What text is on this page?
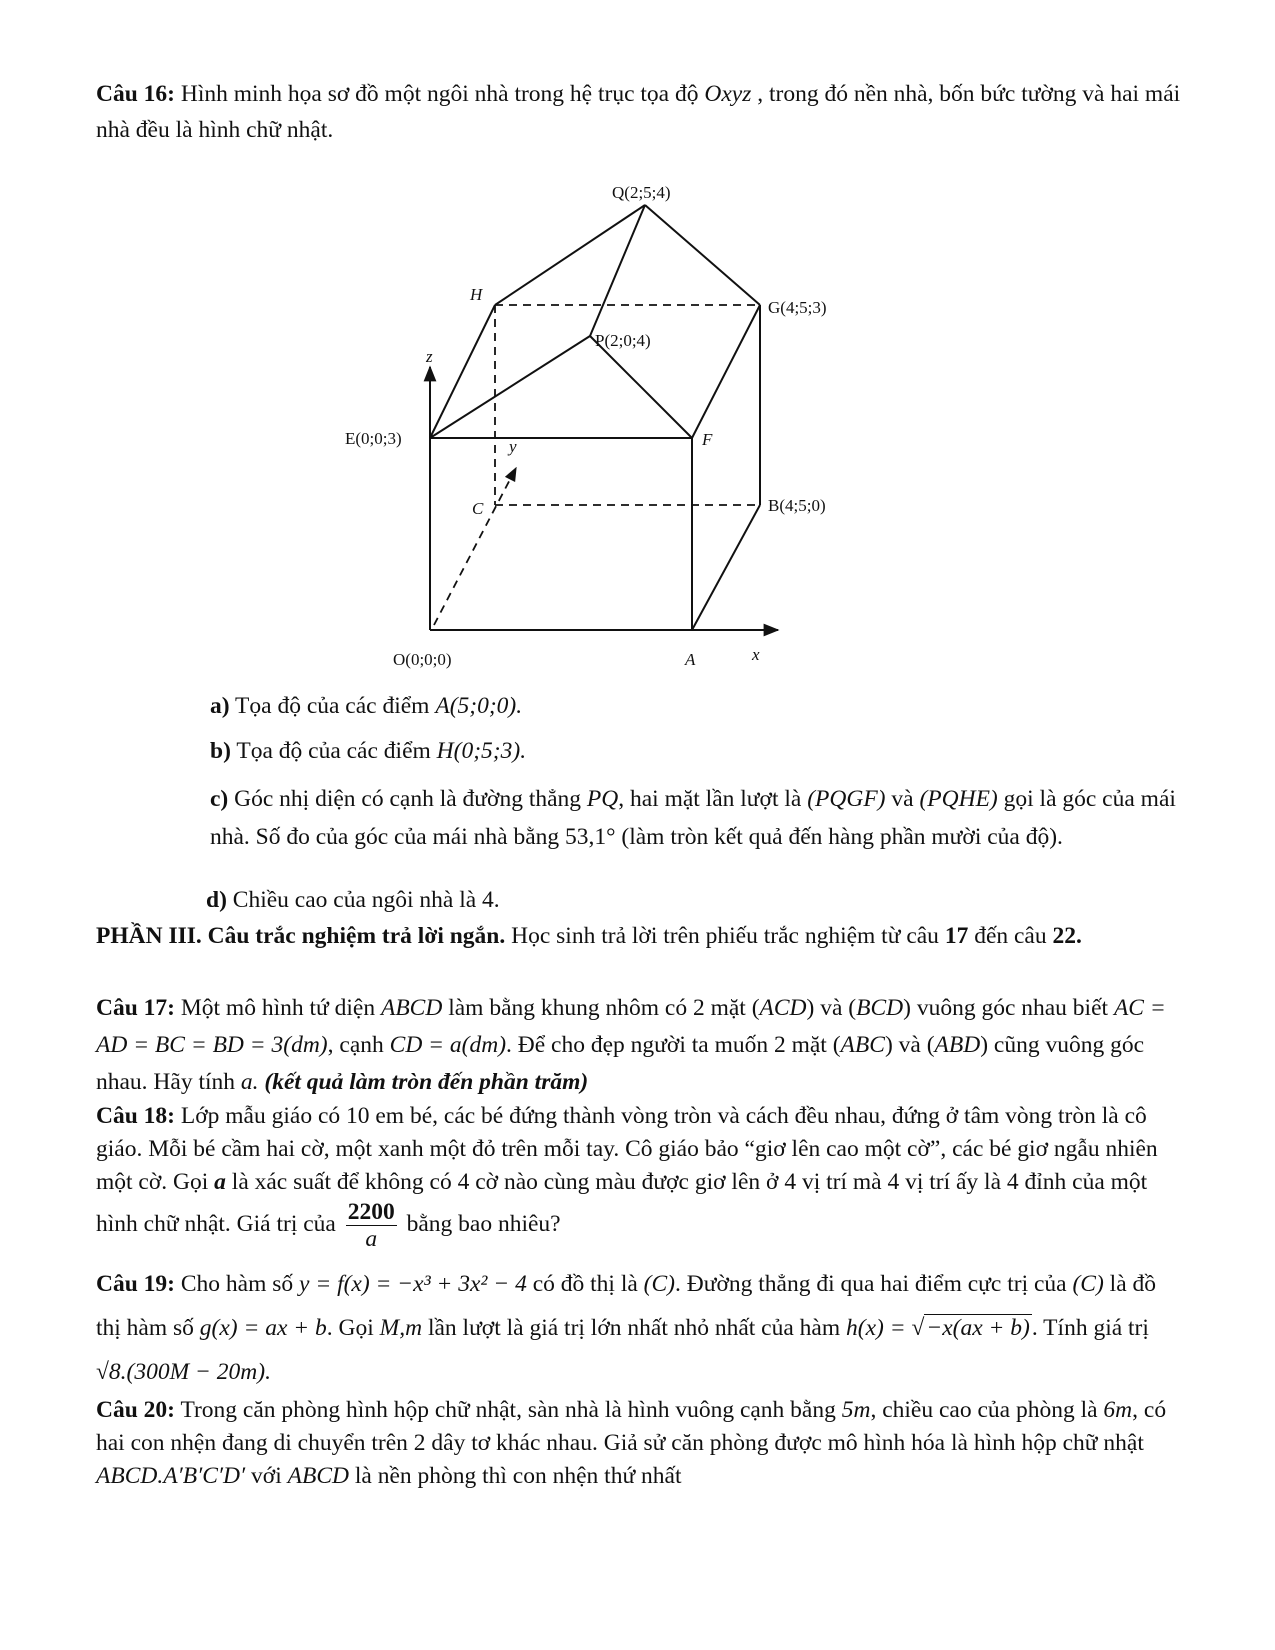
Câu 16: Hình minh họa sơ đồ một ngôi nhà trong hệ trục tọa độ Oxyz , trong đó nền nhà, bốn bức tường và hai mái nhà đều là hình chữ nhật.

Q(2;5;4)
H
G(4;5;3)
P(2;0;4)
z
E(0;0;3)	F
y
C	B(4;5;0)
O(0;0;0)	A	x

a) Tọa độ của các điểm A(5;0;0).

b) Tọa độ của các điểm H(0;5;3).

c) Góc nhị diện có cạnh là đường thẳng PQ, hai mặt lần lượt là (PQGF) và (PQHE) gọi là góc của mái nhà. Số đo của góc của mái nhà bằng 53,1° (làm tròn kết quả đến hàng phần mười của độ).

d) Chiều cao của ngôi nhà là 4.

PHẦN III. Câu trắc nghiệm trả lời ngắn. Học sinh trả lời trên phiếu trắc nghiệm từ câu 17 đến câu 22.

Câu 17: Một mô hình tứ diện ABCD làm bằng khung nhôm có 2 mặt (ACD) và (BCD) vuông góc nhau biết AC = AD = BC = BD = 3(dm), cạnh CD = a(dm). Để cho đẹp người ta muốn 2 mặt (ABC) và (ABD) cũng vuông góc nhau. Hãy tính a. (kết quả làm tròn đến phần trăm)

Câu 18: Lớp mẫu giáo có 10 em bé, các bé đứng thành vòng tròn và cách đều nhau, đứng ở tâm vòng tròn là cô giáo. Mỗi bé cầm hai cờ, một xanh một đỏ trên mỗi tay. Cô giáo bảo “giơ lên cao một cờ”, các bé giơ ngẫu nhiên một cờ. Gọi a là xác suất để không có 4 cờ nào cùng màu được giơ lên ở 4 vị trí mà 4 vị trí ấy là 4 đỉnh của một hình chữ nhật. Giá trị của $\frac{2200}{a}$ bằng bao nhiêu?

Câu 19: Cho hàm số y = f(x) = −x³ + 3x² − 4 có đồ thị là (C). Đường thẳng đi qua hai điểm cực trị của (C) là đồ thị hàm số g(x) = ax + b. Gọi M,m lần lượt là giá trị lớn nhất nhỏ nhất của hàm h(x) = √−x(ax + b). Tính giá trị √8.(300M − 20m).

Câu 20: Trong căn phòng hình hộp chữ nhật, sàn nhà là hình vuông cạnh bằng 5m, chiều cao của phòng là 6m, có hai con nhện đang di chuyển trên 2 dây tơ khác nhau. Giả sử căn phòng được mô hình hóa là hình hộp chữ nhật ABCD.A′B′C′D′ với ABCD là nền phòng thì con nhện thứ nhất
